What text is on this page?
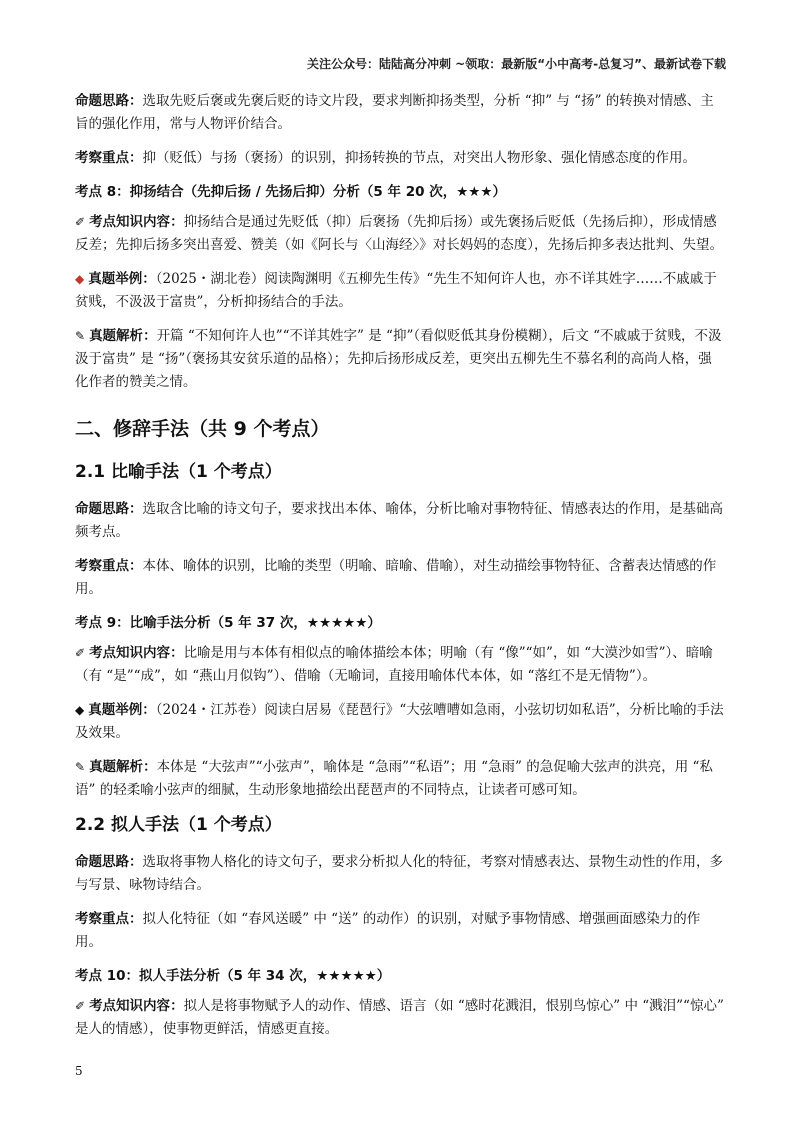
关注公众号：陆陆高分冲刺 ~领取：最新版“小中高考-总复习”、最新试卷下载

命题思路：选取先贬后褒或先褒后贬的诗文片段，要求判断抑扬类型，分析 “抑” 与 “扬” 的转换对情感、主旨的强化作用，常与人物评价结合。

考察重点：抑（贬低）与扬（褒扬）的识别，抑扬转换的节点，对突出人物形象、强化情感态度的作用。

考点 8：抑扬结合（先抑后扬 / 先扬后抑）分析（5 年 20 次，★★★）

✐ 考点知识内容：抑扬结合是通过先贬低（抑）后褒扬（先抑后扬）或先褒扬后贬低（先扬后抑），形成情感反差；先抑后扬多突出喜爱、赞美（如《阿长与〈山海经〉》对长妈妈的态度），先扬后抑多表达批判、失望。

◆ 真题举例：（2025・湖北卷）阅读陶渊明《五柳先生传》“先生不知何许人也，亦不详其姓字……不戚戚于贫贱，不汲汲于富贵”，分析抑扬结合的手法。

✎ 真题解析：开篇 “不知何许人也”“不详其姓字” 是 “抑”（看似贬低其身份模糊），后文 “不戚戚于贫贱，不汲汲于富贵” 是 “扬”（褒扬其安贫乐道的品格）；先抑后扬形成反差，更突出五柳先生不慕名利的高尚人格，强化作者的赞美之情。

二、修辞手法（共 9 个考点）
2.1 比喻手法（1 个考点）

命题思路：选取含比喻的诗文句子，要求找出本体、喻体，分析比喻对事物特征、情感表达的作用，是基础高频考点。

考察重点：本体、喻体的识别，比喻的类型（明喻、暗喻、借喻），对生动描绘事物特征、含蓄表达情感的作用。

考点 9：比喻手法分析（5 年 37 次，★★★★★）

✐ 考点知识内容：比喻是用与本体有相似点的喻体描绘本体；明喻（有 “像”“如”，如 “大漠沙如雪”）、暗喻（有 “是”“成”，如 “燕山月似钩”）、借喻（无喻词，直接用喻体代本体，如 “落红不是无情物”）。

◆ 真题举例：（2024・江苏卷）阅读白居易《琵琶行》“大弦嘈嘈如急雨，小弦切切如私语”，分析比喻的手法及效果。

✎ 真题解析：本体是 “大弦声”“小弦声”，喻体是 “急雨”“私语”；用 “急雨” 的急促喻大弦声的洪亮，用 “私语” 的轻柔喻小弦声的细腻，生动形象地描绘出琵琶声的不同特点，让读者可感可知。

2.2 拟人手法（1 个考点）

命题思路：选取将事物人格化的诗文句子，要求分析拟人化的特征，考察对情感表达、景物生动性的作用，多与写景、咏物诗结合。

考察重点：拟人化特征（如 “春风送暖” 中 “送” 的动作）的识别，对赋予事物情感、增强画面感染力的作用。

考点 10：拟人手法分析（5 年 34 次，★★★★★）

✐ 考点知识内容：拟人是将事物赋予人的动作、情感、语言（如 “感时花溅泪，恨别鸟惊心” 中 “溅泪”“惊心” 是人的情感），使事物更鲜活，情感更直接。

5
